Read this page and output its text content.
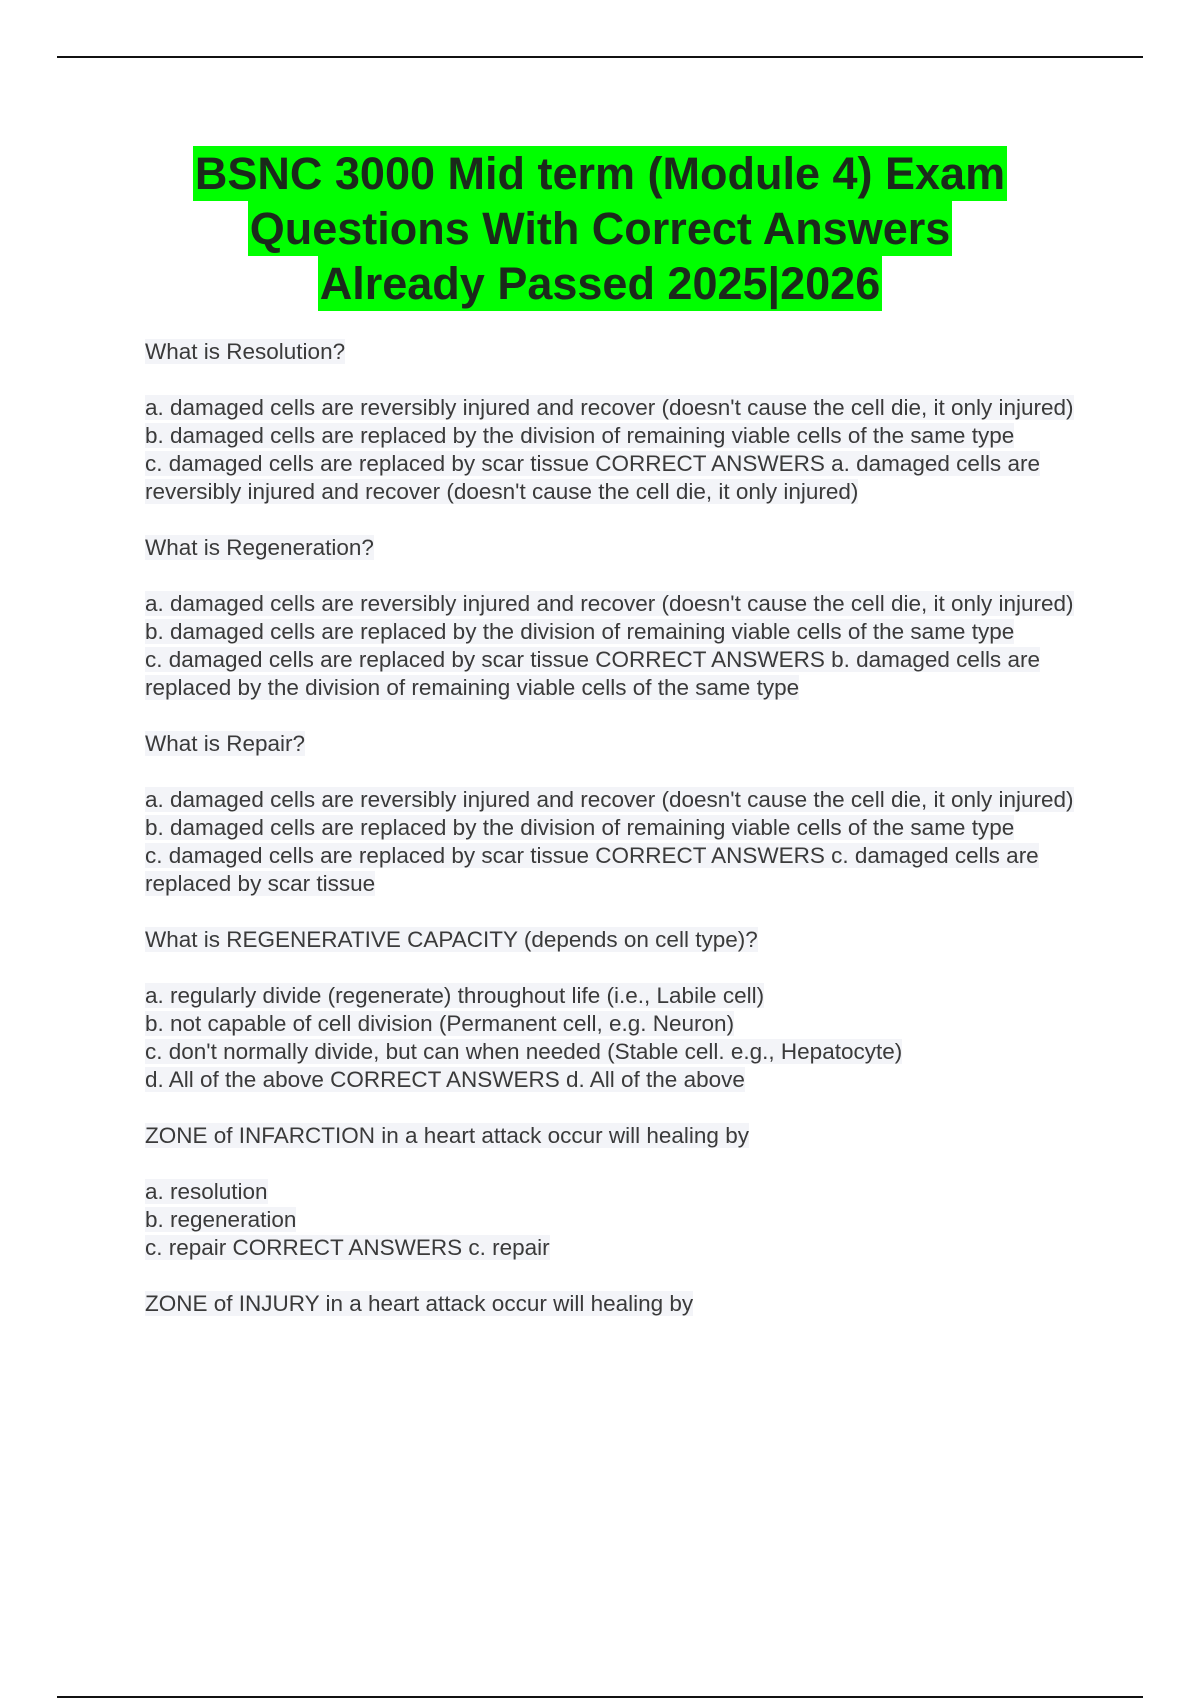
BSNC 3000 Mid term (Module 4) Exam
Questions With Correct Answers
Already Passed 2025|2026

What is Resolution?

a. damaged cells are reversibly injured and recover (doesn't cause the cell die, it only injured)
b. damaged cells are replaced by the division of remaining viable cells of the same type
c. damaged cells are replaced by scar tissue CORRECT ANSWERS a. damaged cells are reversibly injured and recover (doesn't cause the cell die, it only injured)

What is Regeneration?

a. damaged cells are reversibly injured and recover (doesn't cause the cell die, it only injured)
b. damaged cells are replaced by the division of remaining viable cells of the same type
c. damaged cells are replaced by scar tissue CORRECT ANSWERS b. damaged cells are replaced by the division of remaining viable cells of the same type

What is Repair?

a. damaged cells are reversibly injured and recover (doesn't cause the cell die, it only injured)
b. damaged cells are replaced by the division of remaining viable cells of the same type
c. damaged cells are replaced by scar tissue CORRECT ANSWERS c. damaged cells are replaced by scar tissue

What is REGENERATIVE CAPACITY (depends on cell type)?

a. regularly divide (regenerate) throughout life (i.e., Labile cell)
b. not capable of cell division (Permanent cell, e.g. Neuron)
c. don't normally divide, but can when needed (Stable cell. e.g., Hepatocyte)
d. All of the above CORRECT ANSWERS d. All of the above

ZONE of INFARCTION in a heart attack occur will healing by

a. resolution
b. regeneration
c. repair CORRECT ANSWERS c. repair

ZONE of INJURY in a heart attack occur will healing by
